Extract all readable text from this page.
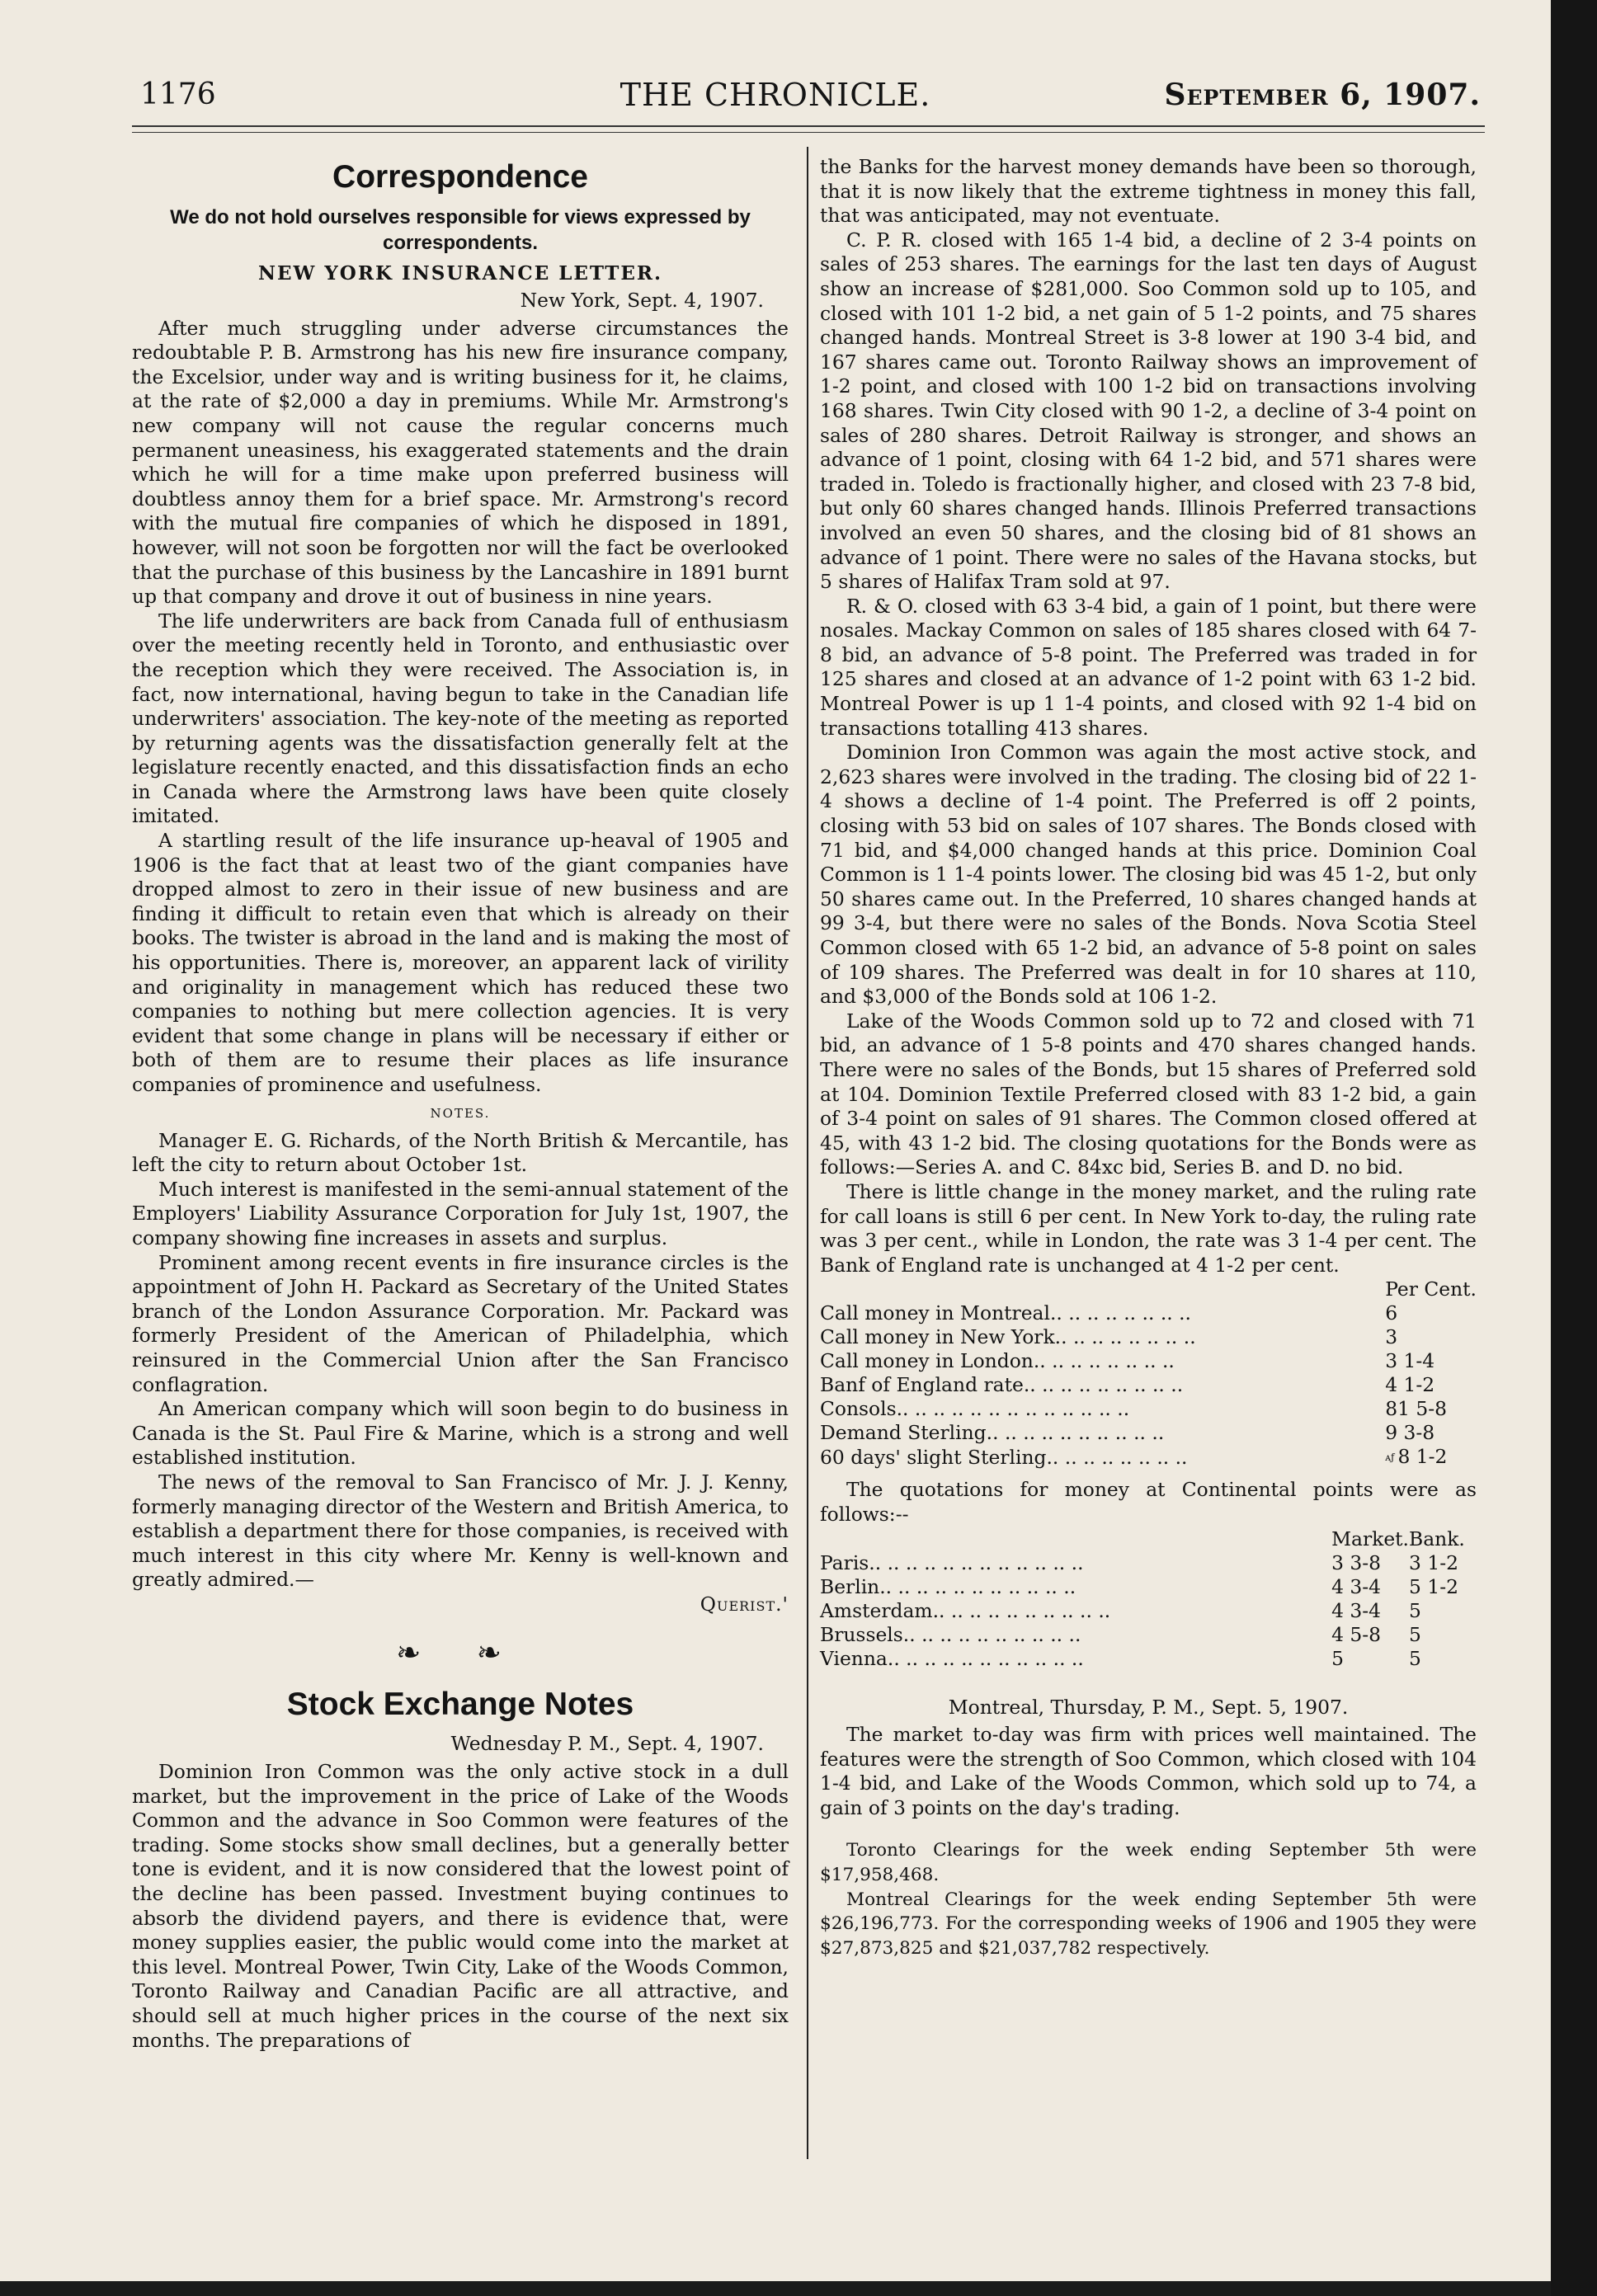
1176	THE CHRONICLE.	September 6, 1907.
Correspondence
We do not hold ourselves responsible for views expressed by correspondents.
NEW YORK INSURANCE LETTER.
New York, Sept. 4, 1907.

After much struggling under adverse circumstances the redoubtable P. B. Armstrong has his new fire insurance company, the Excelsior, under way and is writing business for it, he claims, at the rate of $2,000 a day in premiums. While Mr. Armstrong's new company will not cause the regular concerns much permanent uneasiness, his exaggerated statements and the drain which he will for a time make upon preferred business will doubtless annoy them for a brief space. Mr. Armstrong's record with the mutual fire companies of which he disposed in 1891, however, will not soon be forgotten nor will the fact be overlooked that the purchase of this business by the Lancashire in 1891 burnt up that company and drove it out of business in nine years.

The life underwriters are back from Canada full of enthusiasm over the meeting recently held in Toronto, and enthusiastic over the reception which they were received. The Association is, in fact, now international, having begun to take in the Canadian life underwriters' association. The key-note of the meeting as reported by returning agents was the dissatisfaction generally felt at the legislature recently enacted, and this dissatisfaction finds an echo in Canada where the Armstrong laws have been quite closely imitated.

A startling result of the life insurance up-heaval of 1905 and 1906 is the fact that at least two of the giant companies have dropped almost to zero in their issue of new business and are finding it difficult to retain even that which is already on their books. The twister is abroad in the land and is making the most of his opportunities. There is, moreover, an apparent lack of virility and originality in management which has reduced these two companies to nothing but mere collection agencies. It is very evident that some change in plans will be necessary if either or both of them are to resume their places as life insurance companies of prominence and usefulness.

NOTES.

Manager E. G. Richards, of the North British & Mercantile, has left the city to return about October 1st.

Much interest is manifested in the semi-annual statement of the Employers' Liability Assurance Corporation for July 1st, 1907, the company showing fine increases in assets and surplus.

Prominent among recent events in fire insurance circles is the appointment of John H. Packard as Secretary of the United States branch of the London Assurance Corporation. Mr. Packard was formerly President of the American of Philadelphia, which reinsured in the Commercial Union after the San Francisco conflagration.

An American company which will soon begin to do business in Canada is the St. Paul Fire & Marine, which is a strong and well established institution.

The news of the removal to San Francisco of Mr. J. J. Kenny, formerly managing director of the Western and British America, to establish a department there for those companies, is received with much interest in this city where Mr. Kenny is well-known and greatly admired.—

Querist.'
❧ ❧
Stock Exchange Notes
Wednesday P. M., Sept. 4, 1907.

Dominion Iron Common was the only active stock in a dull market, but the improvement in the price of Lake of the Woods Common and the advance in Soo Common were features of the trading. Some stocks show small declines, but a generally better tone is evident, and it is now considered that the lowest point of the decline has been passed. Investment buying continues to absorb the dividend payers, and there is evidence that, were money supplies easier, the public would come into the market at this level. Montreal Power, Twin City, Lake of the Woods Common, Toronto Railway and Canadian Pacific are all attractive, and should sell at much higher prices in the course of the next six months. The preparations of

the Banks for the harvest money demands have been so thorough, that it is now likely that the extreme tightness in money this fall, that was anticipated, may not eventuate.

C. P. R. closed with 165 1-4 bid, a decline of 2 3-4 points on sales of 253 shares. The earnings for the last ten days of August show an increase of $281,000. Soo Common sold up to 105, and closed with 101 1-2 bid, a net gain of 5 1-2 points, and 75 shares changed hands. Montreal Street is 3-8 lower at 190 3-4 bid, and 167 shares came out. Toronto Railway shows an improvement of 1-2 point, and closed with 100 1-2 bid on transactions involving 168 shares. Twin City closed with 90 1-2, a decline of 3-4 point on sales of 280 shares. Detroit Railway is stronger, and shows an advance of 1 point, closing with 64 1-2 bid, and 571 shares were traded in. Toledo is fractionally higher, and closed with 23 7-8 bid, but only 60 shares changed hands. Illinois Preferred transactions involved an even 50 shares, and the closing bid of 81 shows an advance of 1 point. There were no sales of the Havana stocks, but 5 shares of Halifax Tram sold at 97.

R. & O. closed with 63 3-4 bid, a gain of 1 point, but there were nosales. Mackay Common on sales of 185 shares closed with 64 7-8 bid, an advance of 5-8 point. The Preferred was traded in for 125 shares and closed at an advance of 1-2 point with 63 1-2 bid. Montreal Power is up 1 1-4 points, and closed with 92 1-4 bid on transactions totalling 413 shares.

Dominion Iron Common was again the most active stock, and 2,623 shares were involved in the trading. The closing bid of 22 1-4 shows a decline of 1-4 point. The Preferred is off 2 points, closing with 53 bid on sales of 107 shares. The Bonds closed with 71 bid, and $4,000 changed hands at this price. Dominion Coal Common is 1 1-4 points lower. The closing bid was 45 1-2, but only 50 shares came out. In the Preferred, 10 shares changed hands at 99 3-4, but there were no sales of the Bonds. Nova Scotia Steel Common closed with 65 1-2 bid, an advance of 5-8 point on sales of 109 shares. The Preferred was dealt in for 10 shares at 110, and $3,000 of the Bonds sold at 106 1-2.

Lake of the Woods Common sold up to 72 and closed with 71 bid, an advance of 1 5-8 points and 470 shares changed hands. There were no sales of the Bonds, but 15 shares of Preferred sold at 104. Dominion Textile Preferred closed with 83 1-2 bid, a gain of 3-4 point on sales of 91 shares. The Common closed offered at 45, with 43 1-2 bid. The closing quotations for the Bonds were as follows:—Series A. and C. 84xc bid, Series B. and D. no bid.

There is little change in the money market, and the ruling rate for call loans is still 6 per cent. In New York to-day, the ruling rate was 3 per cent., while in London, the rate was 3 1-4 per cent. The Bank of England rate is unchanged at 4 1-2 per cent.

	Per Cent.
Call money in Montreal.. .. .. .. .. .. .. ..	6
Call money in New York.. .. .. .. .. .. .. ..	3
Call money in London.. .. .. .. .. .. .. ..	3 1-4
Banf of England rate.. .. .. .. .. .. .. .. ..	4 1-2
Consols.. .. .. .. .. .. .. .. .. .. .. .. ..	81 5-8
Demand Sterling.. .. .. .. .. .. .. .. .. ..	9 3-8
60 days' slight Sterling.. .. .. .. .. .. .. ..	ᴀƒ 8 1-2

The quotations for money at Continental points were as follows:--

	Market.	Bank.
Paris.. .. .. .. .. .. .. .. .. .. .. ..	3 3-8	3 1-2
Berlin.. .. .. .. .. .. .. .. .. .. ..	4 3-4	5 1-2
Amsterdam.. .. .. .. .. .. .. .. .. ..	4 3-4	5
Brussels.. .. .. .. .. .. .. .. .. ..	4 5-8	5
Vienna.. .. .. .. .. .. .. .. .. .. ..	5	5
Montreal, Thursday, P. M., Sept. 5, 1907.

The market to-day was firm with prices well maintained. The features were the strength of Soo Common, which closed with 104 1-4 bid, and Lake of the Woods Common, which sold up to 74, a gain of 3 points on the day's trading.

Toronto Clearings for the week ending September 5th were $17,958,468.

Montreal Clearings for the week ending September 5th were $26,196,773. For the corresponding weeks of 1906 and 1905 they were $27,873,825 and $21,037,782 respectively.
